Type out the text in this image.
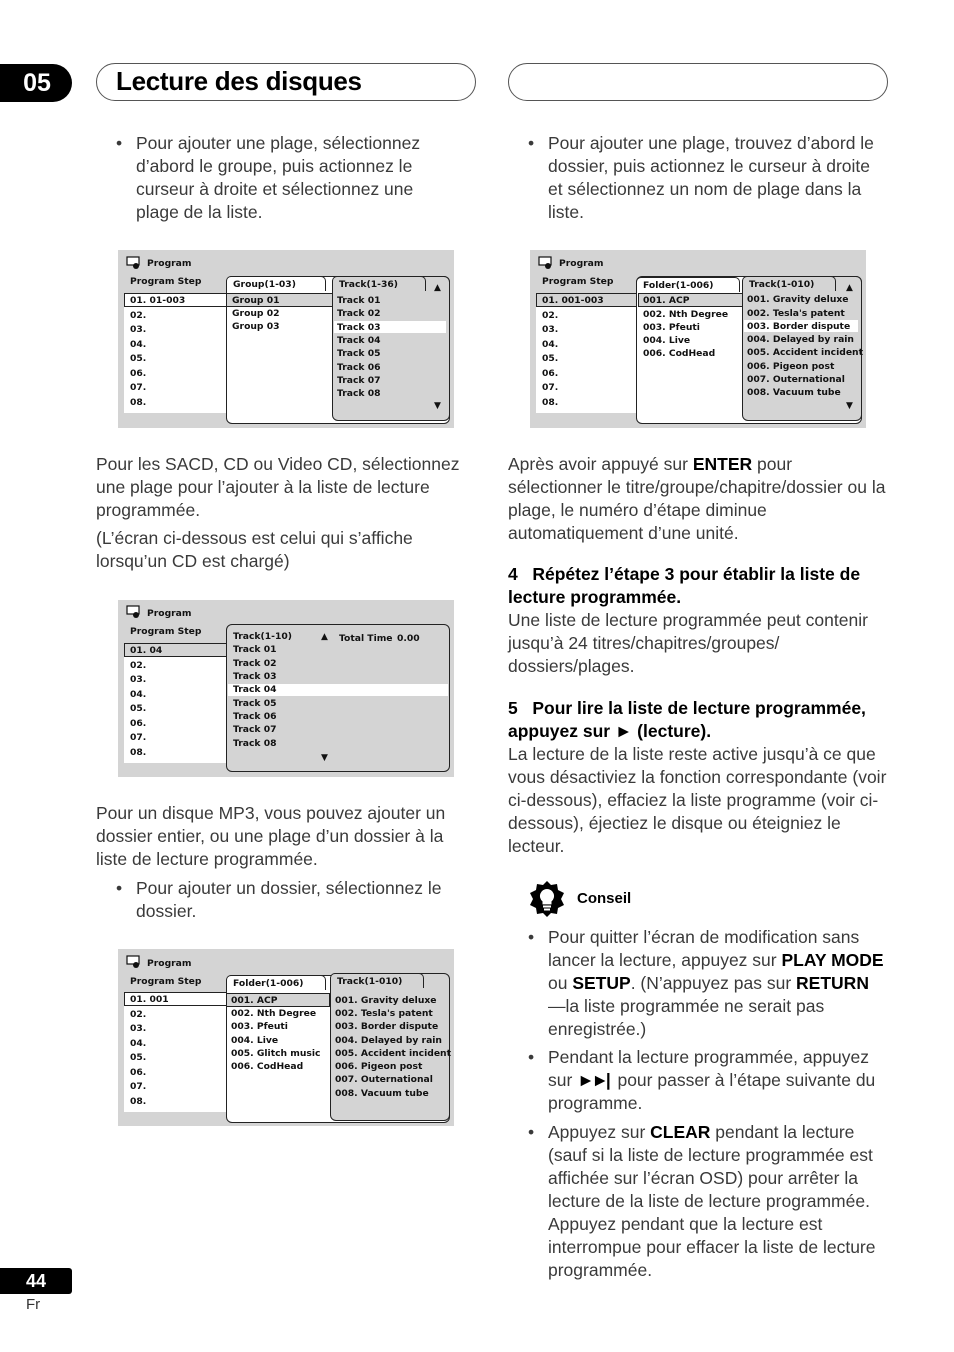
05	Lecture des disques
• Pour ajouter une plage, sélectionnez d’abord le groupe, puis actionnez le curseur à droite et sélectionnez une plage de la liste.
Program
Program Step
01. 01-003
02.
03.
04.
05.
06.
07.
08.
Group(1-03)
Group 01
Group 02
Group 03
Track(1-36)	▲
Track 01
Track 02
Track 03
Track 04
Track 05
Track 06
Track 07
Track 08
▼
Pour les SACD, CD ou Video CD, sélectionnez une plage pour l’ajouter à la liste de lecture programmée.
(L’écran ci-dessous est celui qui s’affiche lorsqu’un CD est chargé)
Program
Program Step
01. 04
02.
03.
04.
05.
06.
07.
08.
Track(1-10)	▲ Total Time 0.00
Track 01
Track 02
Track 03
Track 04
Track 05
Track 06
Track 07
Track 08
▼
Pour un disque MP3, vous pouvez ajouter un dossier entier, ou une plage d’un dossier à la liste de lecture programmée.
• Pour ajouter un dossier, sélectionnez le dossier.
Program
Program Step
01. 001
02.
03.
04.
05.
06.
07.
08.
Folder(1-006)
001. ACP
002. Nth Degree
003. Pfeuti
004. Live
005. Glitch music
006. CodHead
Track(1-010)
001. Gravity deluxe
002. Tesla's patent
003. Border dispute
004. Delayed by rain
005. Accident incident
006. Pigeon post
007. Outernational
008. Vacuum tube
• Pour ajouter une plage, trouvez d’abord le dossier, puis actionnez le curseur à droite et sélectionnez un nom de plage dans la liste.
Program
Program Step
01. 001-003
02.
03.
04.
05.
06.
07.
08.
Folder(1-006)
001. ACP
002. Nth Degree
003. Pfeuti
004. Live
006. CodHead
Track(1-010)	▲
001. Gravity deluxe
002. Tesla's patent
003. Border dispute
004. Delayed by rain
005. Accident incident
006. Pigeon post
007. Outernational
008. Vacuum tube
▼
Après avoir appuyé sur ENTER pour sélectionner le titre/groupe/chapitre/dossier ou la plage, le numéro d’étape diminue automatiquement d’une unité.
4 Répétez l’étape 3 pour établir la liste de lecture programmée.
Une liste de lecture programmée peut contenir jusqu’à 24 titres/chapitres/groupes/ dossiers/plages.
5 Pour lire la liste de lecture programmée, appuyez sur ► (lecture).
La lecture de la liste reste active jusqu’à ce que vous désactiviez la fonction correspondante (voir ci-dessous), effaciez la liste programme (voir ci-dessous), éjectiez le disque ou éteigniez le lecteur.
Conseil
• Pour quitter l’écran de modification sans lancer la lecture, appuyez sur PLAY MODE ou SETUP. (N’appuyez pas sur RETURN—la liste programmée ne serait pas enregistrée.)
• Pendant la lecture programmée, appuyez sur ►►|  pour passer à l’étape suivante du programme.
• Appuyez sur CLEAR pendant la lecture (sauf si la liste de lecture programmée est affichée sur l’écran OSD) pour arrêter la lecture de la liste de lecture programmée. Appuyez pendant que la lecture est interrompue pour effacer la liste de lecture programmée.
44
Fr
